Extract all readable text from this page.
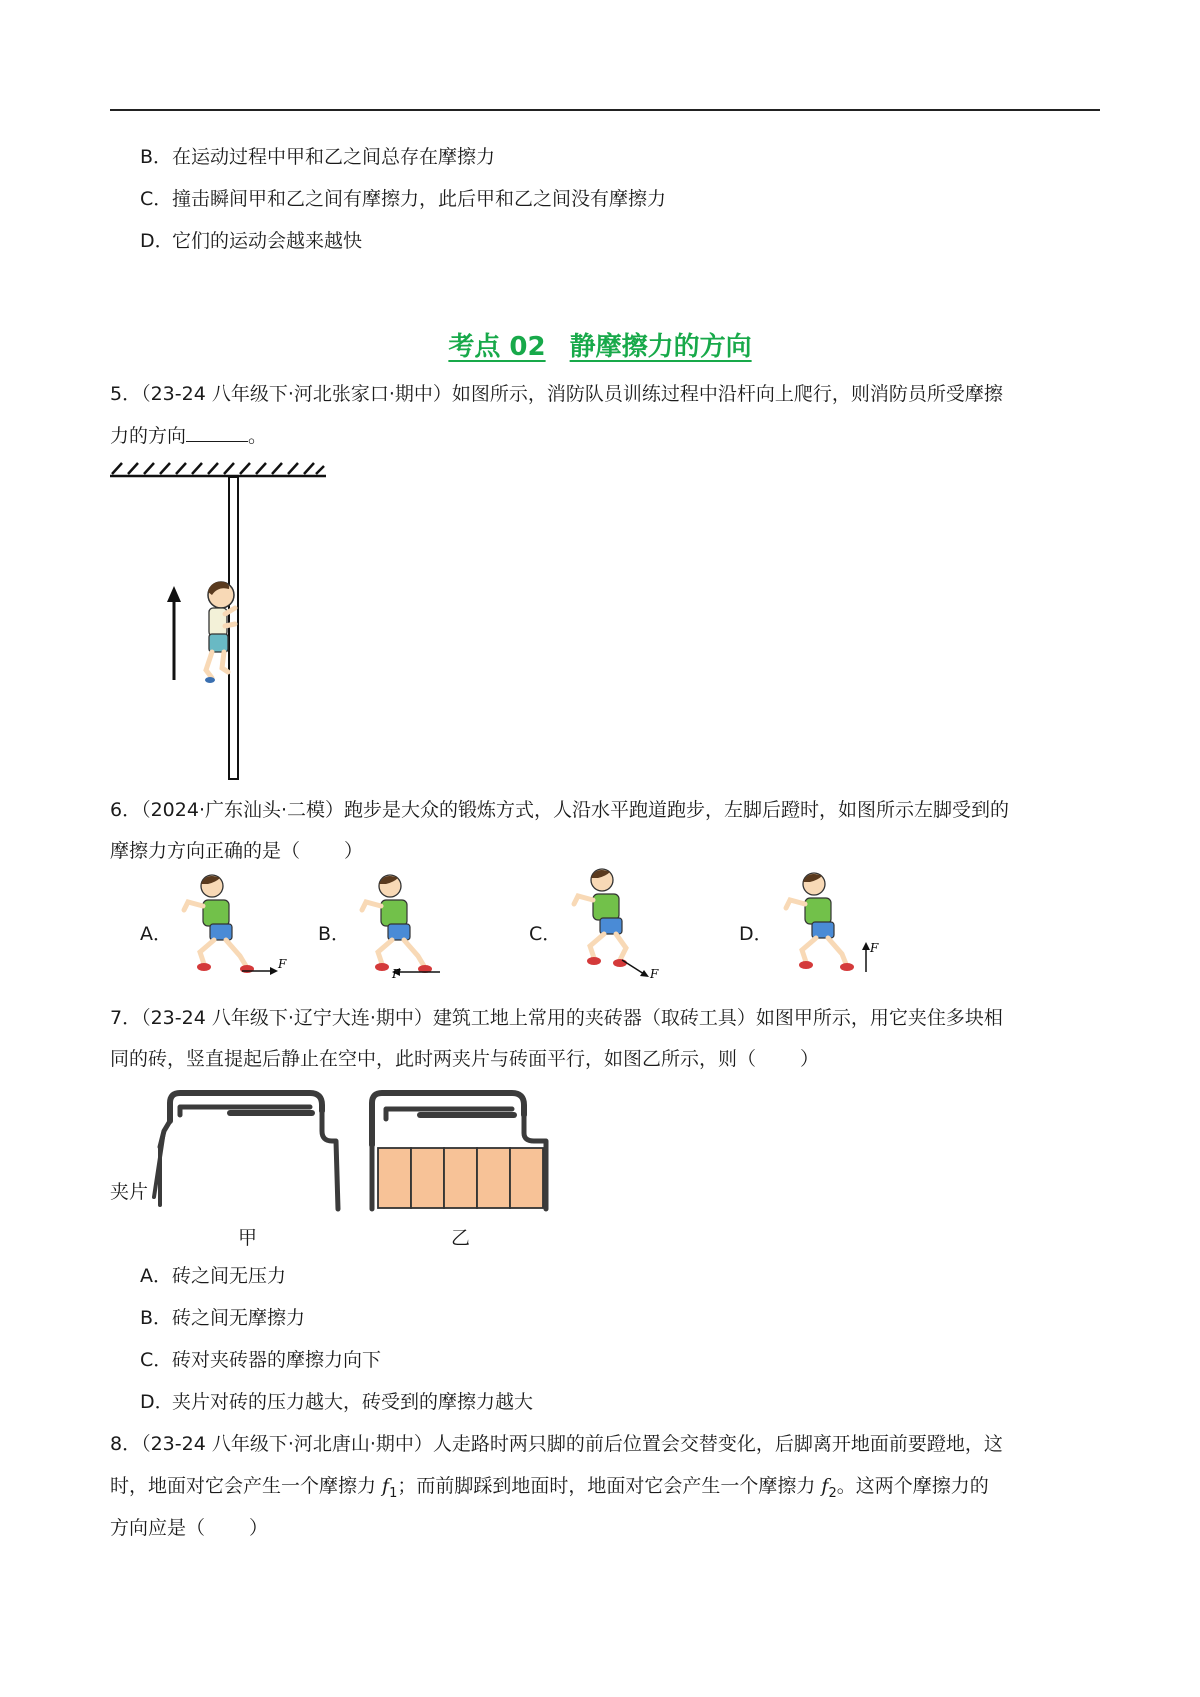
B．在运动过程中甲和乙之间总存在摩擦力
C．撞击瞬间甲和乙之间有摩擦力，此后甲和乙之间没有摩擦力
D．它们的运动会越来越快
考点 02 静摩擦力的方向
5．（23-24 八年级下·河北张家口·期中）如图所示，消防队员训练过程中沿杆向上爬行，则消防员所受摩擦
力的方向	。
6．（2024·广东汕头·二模）跑步是大众的锻炼方式，人沿水平跑道跑步，左脚后蹬时，如图所示左脚受到的
摩擦力方向正确的是（ ）
A．	B．	C．	D．
F
F	F
F
7．（23-24 八年级下·辽宁大连·期中）建筑工地上常用的夹砖器（取砖工具）如图甲所示，用它夹住多块相
同的砖，竖直提起后静止在空中，此时两夹片与砖面平行，如图乙所示，则（ ）
夹片
甲	乙
A．砖之间无压力
B．砖之间无摩擦力
C．砖对夹砖器的摩擦力向下
D．夹片对砖的压力越大，砖受到的摩擦力越大
8．（23-24 八年级下·河北唐山·期中）人走路时两只脚的前后位置会交替变化，后脚离开地面前要蹬地，这
时，地面对它会产生一个摩擦力 $f_1$；而前脚踩到地面时，地面对它会产生一个摩擦力 $f_2$。这两个摩擦力的
方向应是（ ）
